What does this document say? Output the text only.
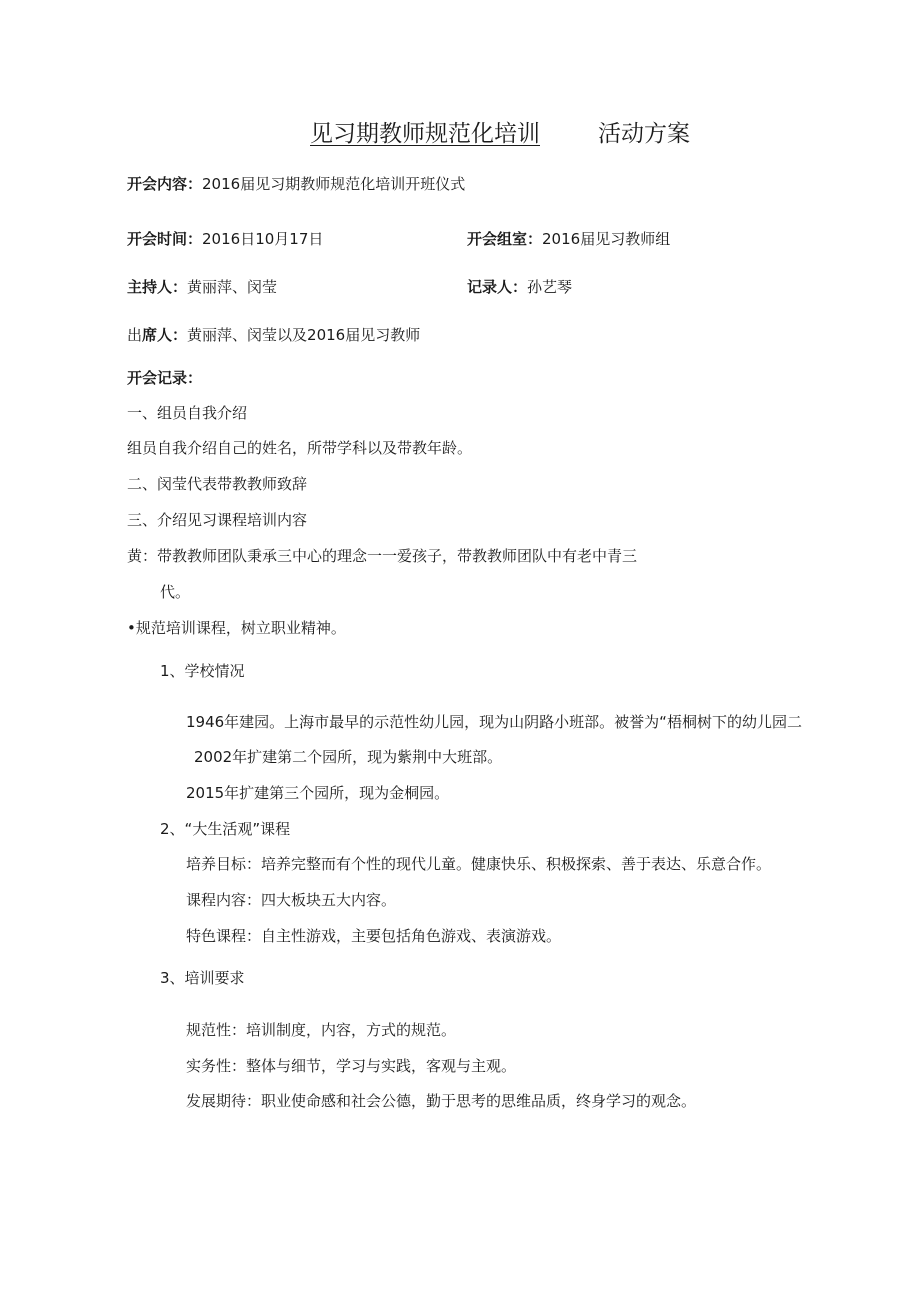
见习期教师规范化培训	活动方案
开会内容：2016届见习期教师规范化培训开班仪式
开会时间：2016日10月17日	开会组室：2016届见习教师组
主持人：黄丽萍、闵莹	记录人：孙艺琴
出席人：黄丽萍、闵莹以及2016届见习教师
开会记录：
一、组员自我介绍
组员自我介绍自己的姓名，所带学科以及带教年龄。
二、闵莹代表带教教师致辞
三、介绍见习课程培训内容
黄：带教教师团队秉承三中心的理念一一爱孩子，带教教师团队中有老中青三
代。
•规范培训课程，树立职业精神。
1、学校情况
1946年建园。上海市最早的示范性幼儿园，现为山阴路小班部。被誉为“梧桐树下的幼儿园二
2002年扩建第二个园所，现为紫荆中大班部。
2015年扩建第三个园所，现为金桐园。
2、“大生活观”课程
培养目标：培养完整而有个性的现代儿童。健康快乐、积极探索、善于表达、乐意合作。
课程内容：四大板块五大内容。
特色课程：自主性游戏，主要包括角色游戏、表演游戏。
3、培训要求
规范性：培训制度，内容，方式的规范。
实务性：整体与细节，学习与实践，客观与主观。
发展期待：职业使命感和社会公德，勤于思考的思维品质，终身学习的观念。
